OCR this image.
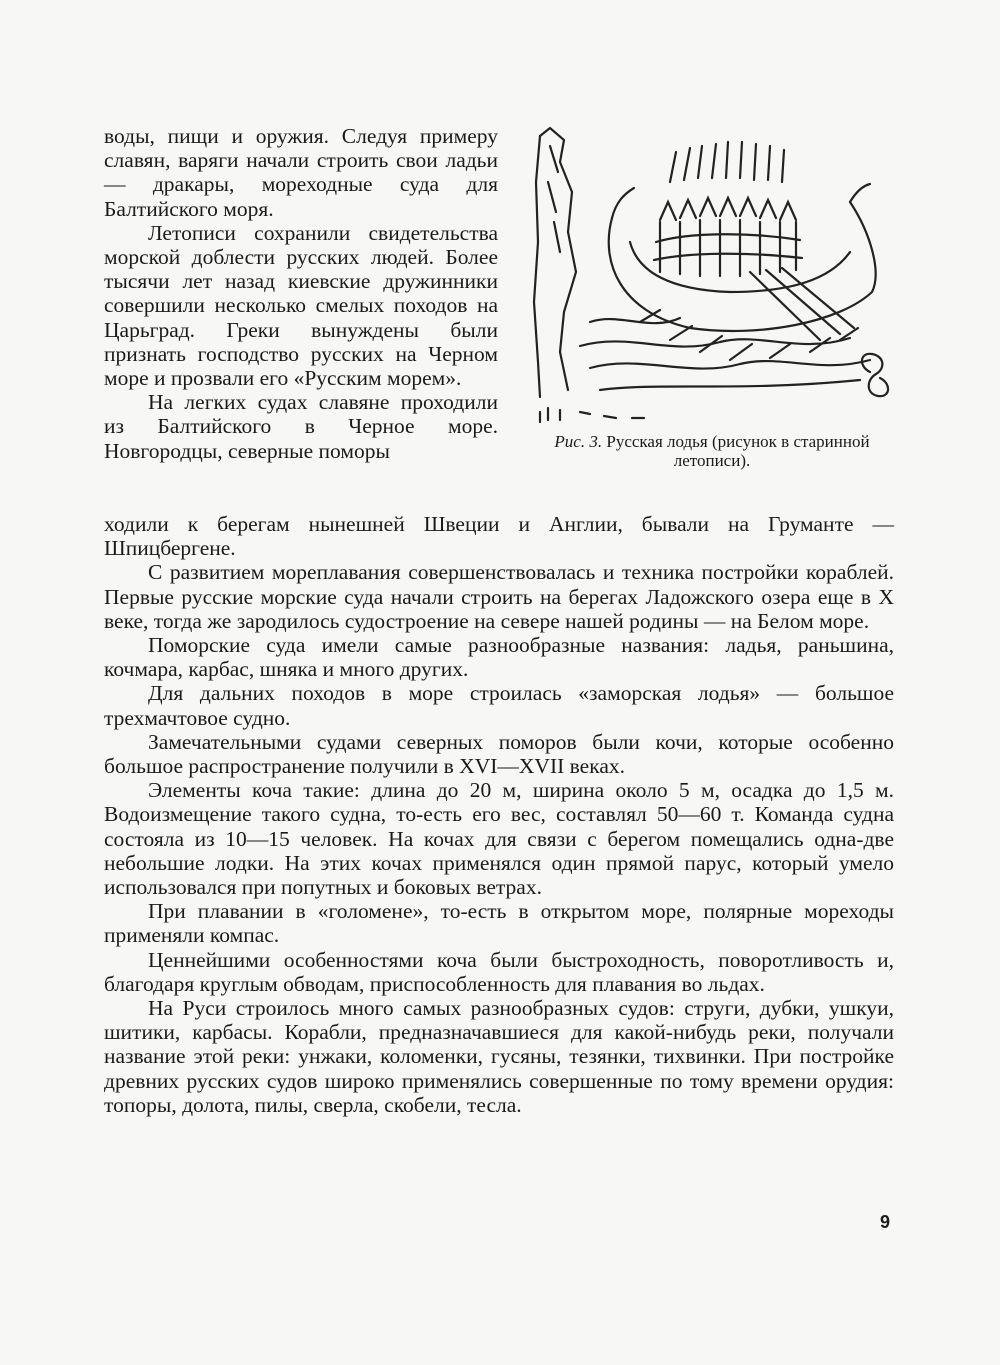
воды, пищи и оружия. Следуя примеру славян, варяги начали строить свои ладьи — дракары, мореходные суда для Балтийского моря.

Летописи сохранили свидетельства морской доблести русских людей. Более тысячи лет назад киевские дружинники совершили несколько смелых походов на Царьград. Греки вынуждены были признать господство русских на Черном море и прозвали его «Русским морем».

На легких судах славяне проходили из Балтийского в Черное море. Новгородцы, северные поморы	Рис. 3. Русская лодья (рисунок в старинной летописи).

ходили к берегам нынешней Швеции и Англии, бывали на Груманте — Шпицбергене.

С развитием мореплавания совершенствовалась и техника постройки кораблей. Первые русские морские суда начали строить на берегах Ладожского озера еще в X веке, тогда же зародилось судостроение на севере нашей родины — на Белом море.

Поморские суда имели самые разнообразные названия: ладья, раньшина, кочмара, карбас, шняка и много других.

Для дальних походов в море строилась «заморская лодья» — большое трехмачтовое судно.

Замечательными судами северных поморов были кочи, которые особенно большое распространение получили в XVI—XVII веках.

Элементы коча такие: длина до 20 м, ширина около 5 м, осадка до 1,5 м. Водоизмещение такого судна, то-есть его вес, составлял 50—60 т. Команда судна состояла из 10—15 человек. На кочах для связи с берегом помещались одна-две небольшие лодки. На этих кочах применялся один прямой парус, который умело использовался при попутных и боковых ветрах.

При плавании в «голомене», то-есть в открытом море, полярные мореходы применяли компас.

Ценнейшими особенностями коча были быстроходность, поворотливость и, благодаря круглым обводам, приспособленность для плавания во льдах.

На Руси строилось много самых разнообразных судов: струги, дубки, ушкуи, шитики, карбасы. Корабли, предназначавшиеся для какой-нибудь реки, получали название этой реки: унжаки, коломенки, гусяны, тезянки, тихвинки. При постройке древних русских судов широко применялись совершенные по тому времени орудия: топоры, долота, пилы, сверла, скобели, тесла.

9
